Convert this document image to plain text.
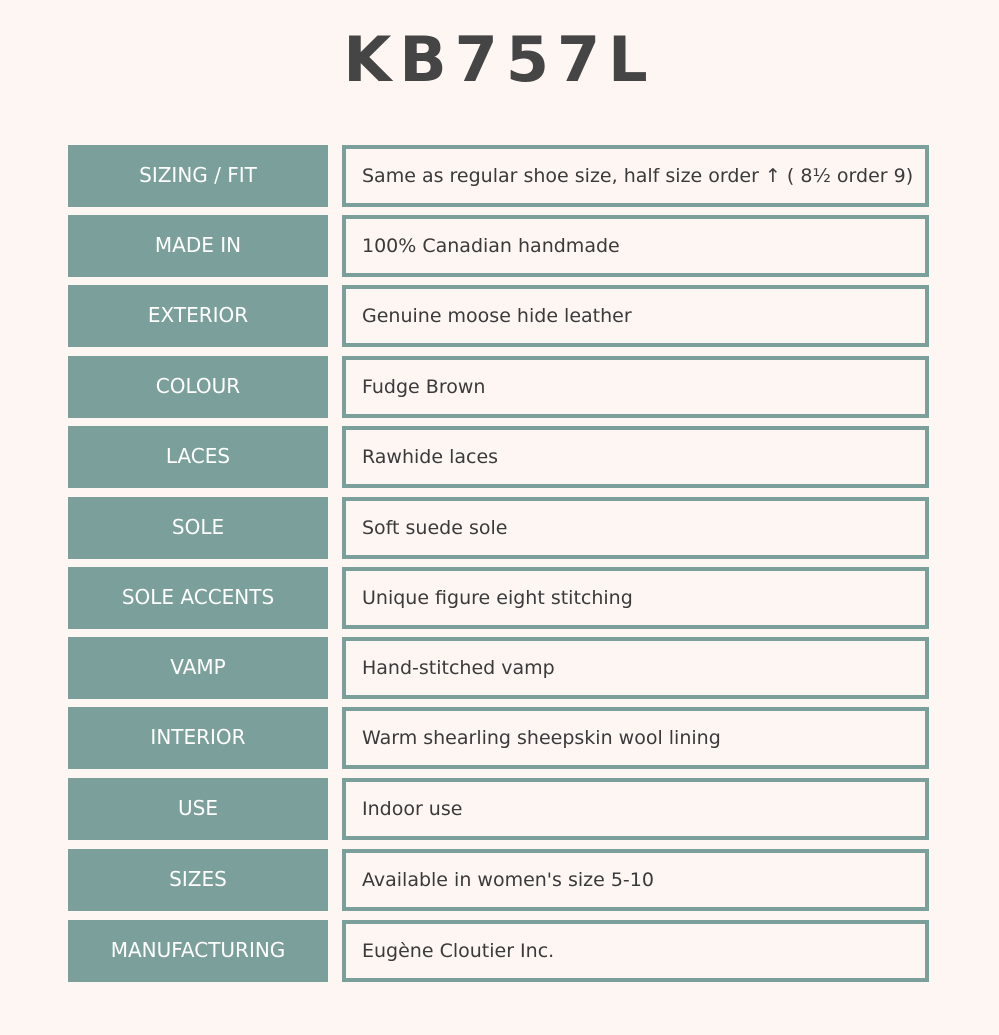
KB757L
SIZING / FIT	Same as regular shoe size, half size order ↑ ( 8½ order 9)
MADE IN	100% Canadian handmade
EXTERIOR	Genuine moose hide leather
COLOUR	Fudge Brown
LACES	Rawhide laces
SOLE	Soft suede sole
SOLE ACCENTS	Unique figure eight stitching
VAMP	Hand-stitched vamp
INTERIOR	Warm shearling sheepskin wool lining
USE	Indoor use
SIZES	Available in women's size 5-10
MANUFACTURING	Eugène Cloutier Inc.
